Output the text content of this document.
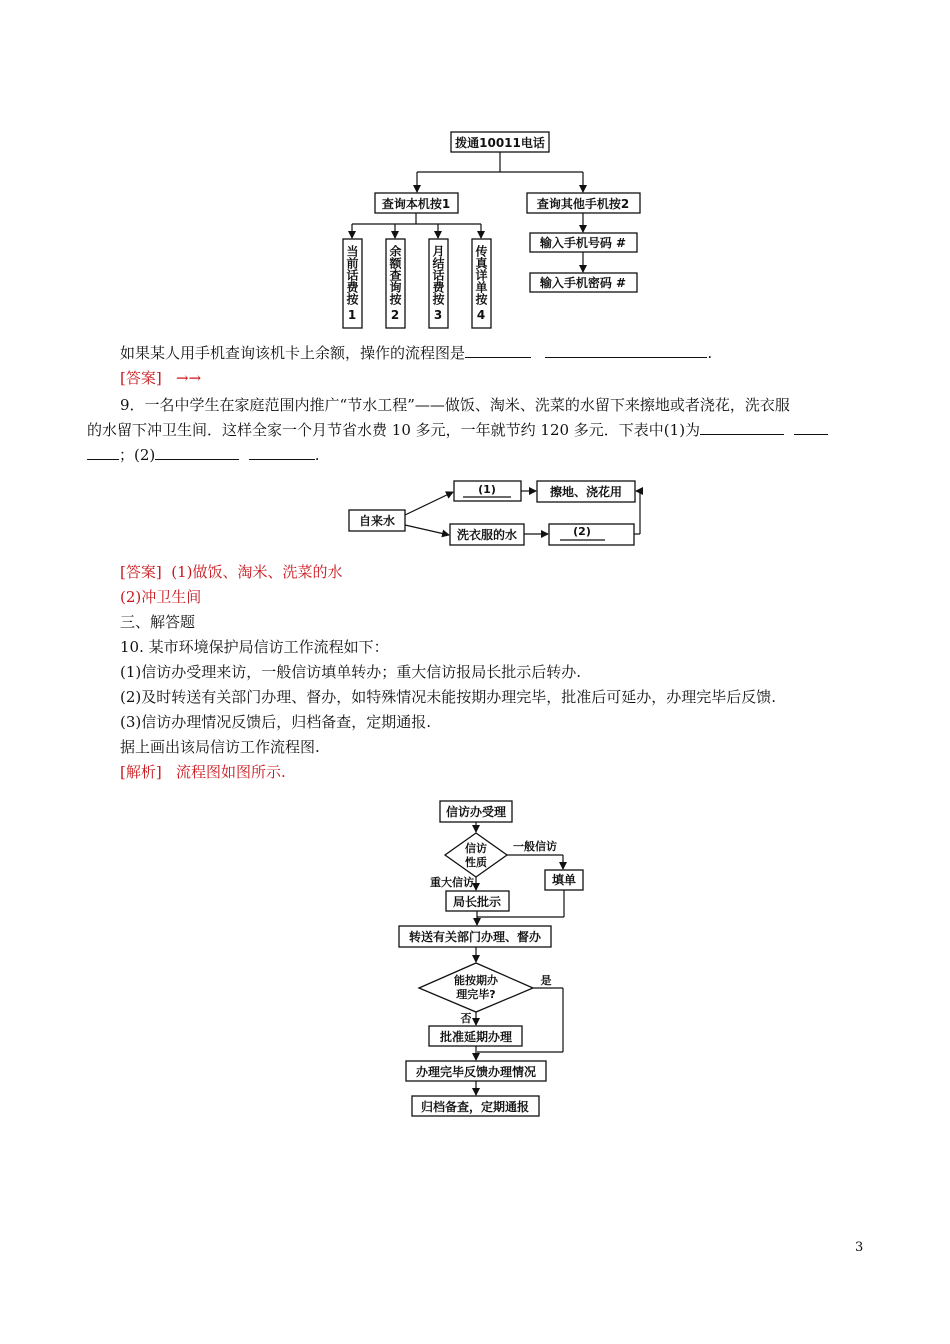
拨通10011电话
查询本机按1	查询其他手机按2
输入手机号码 #
输入手机密码 #
当前话费按
1
余额查询按
2
月结话费按
3
传真详单按
4
如果某人用手机查询该机卡上余额，操作的流程图是	.
[答案] →→
9．一名中学生在家庭范围内推广“节水工程”——做饭、淘米、洗菜的水留下来擦地或者浇花，洗衣服
的水留下冲卫生间．这样全家一个月节省水费 10 多元，一年就节约 120 多元．下表中(1)为
；(2)	.
自来水
(1)	擦地、浇花用
洗衣服的水	(2)
[答案] (1)做饭、淘米、洗菜的水
(2)冲卫生间
三、解答题
10. 某市环境保护局信访工作流程如下：
(1)信访办受理来访，一般信访填单转办；重大信访报局长批示后转办.
(2)及时转送有关部门办理、督办，如特殊情况未能按期办理完毕，批准后可延办，办理完毕后反馈.
(3)信访办理情况反馈后，归档备查，定期通报.
据上画出该局信访工作流程图.
[解析] 流程图如图所示.
信访办受理
信访
性质
一般信访
填单
重大信访
局长批示
转送有关部门办理、督办
能按期办
理完毕?
是
否
批准延期办理
办理完毕反馈办理情况
归档备查，定期通报
3
